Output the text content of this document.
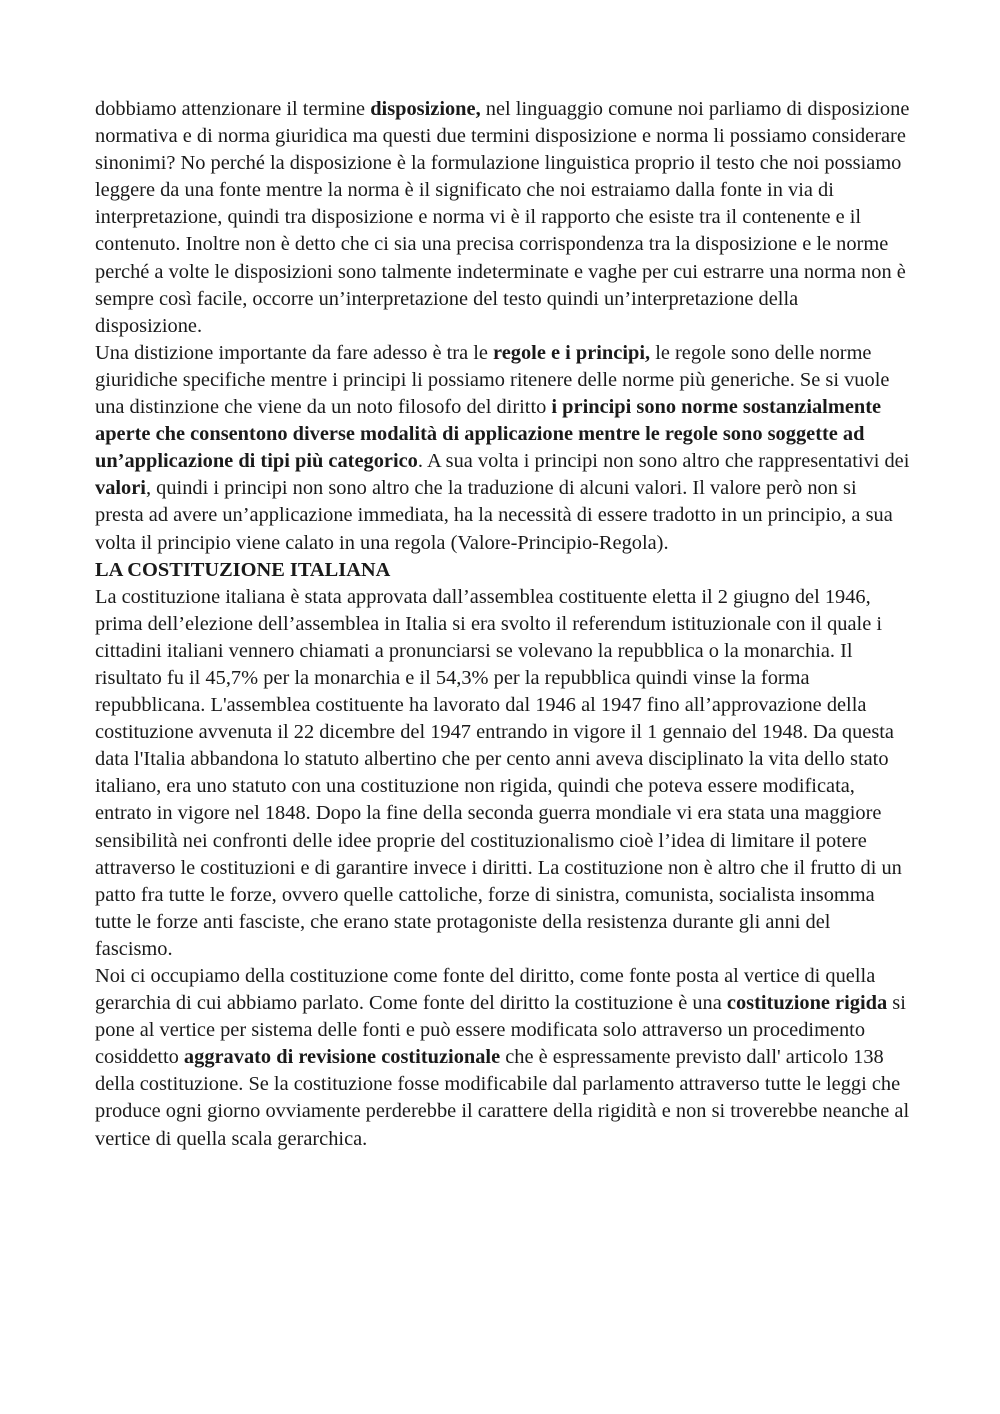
dobbiamo attenzionare il termine disposizione, nel linguaggio comune noi parliamo di disposizione normativa e di norma giuridica ma questi due termini disposizione e norma li possiamo considerare sinonimi? No perché la disposizione è la formulazione linguistica proprio il testo che noi possiamo leggere da una fonte mentre la norma è il significato che noi estraiamo dalla fonte in via di interpretazione, quindi tra disposizione e norma vi è il rapporto che esiste tra il contenente e il contenuto. Inoltre non è detto che ci sia una precisa corrispondenza tra la disposizione e le norme perché a volte le disposizioni sono talmente indeterminate e vaghe per cui estrarre una norma non è sempre così facile, occorre un’interpretazione del testo quindi un’interpretazione della disposizione.

Una distizione importante da fare adesso è tra le regole e i principi, le regole sono delle norme giuridiche specifiche mentre i principi li possiamo ritenere delle norme più generiche. Se si vuole una distinzione che viene da un noto filosofo del diritto i principi sono norme sostanzialmente aperte che consentono diverse modalità di applicazione mentre le regole sono soggette ad un’applicazione di tipi più categorico. A sua volta i principi non sono altro che rappresentativi dei valori, quindi i principi non sono altro che la traduzione di alcuni valori. Il valore però non si presta ad avere un’applicazione immediata, ha la necessità di essere tradotto in un principio, a sua volta il principio viene calato in una regola (Valore-Principio-Regola).

LA COSTITUZIONE ITALIANA

La costituzione italiana è stata approvata dall’assemblea costituente eletta il 2 giugno del 1946, prima dell’elezione dell’assemblea in Italia si era svolto il referendum istituzionale con il quale i cittadini italiani vennero chiamati a pronunciarsi se volevano la repubblica o la monarchia. Il risultato fu il 45,7% per la monarchia e il 54,3% per la repubblica quindi vinse la forma repubblicana. L'assemblea costituente ha lavorato dal 1946 al 1947 fino all’approvazione della costituzione avvenuta il 22 dicembre del 1947 entrando in vigore il 1 gennaio del 1948. Da questa data l'Italia abbandona lo statuto albertino che per cento anni aveva disciplinato la vita dello stato italiano, era uno statuto con una costituzione non rigida, quindi che poteva essere modificata, entrato in vigore nel 1848. Dopo la fine della seconda guerra mondiale vi era stata una maggiore sensibilità nei confronti delle idee proprie del costituzionalismo cioè l’idea di limitare il potere attraverso le costituzioni e di garantire invece i diritti. La costituzione non è altro che il frutto di un patto fra tutte le forze, ovvero quelle cattoliche, forze di sinistra, comunista, socialista insomma tutte le forze anti fasciste, che erano state protagoniste della resistenza durante gli anni del fascismo.

Noi ci occupiamo della costituzione come fonte del diritto, come fonte posta al vertice di quella gerarchia di cui abbiamo parlato. Come fonte del diritto la costituzione è una costituzione rigida si pone al vertice per sistema delle fonti e può essere modificata solo attraverso un procedimento cosiddetto aggravato di revisione costituzionale che è espressamente previsto dall' articolo 138 della costituzione. Se la costituzione fosse modificabile dal parlamento attraverso tutte le leggi che produce ogni giorno ovviamente perderebbe il carattere della rigidità e non si troverebbe neanche al vertice di quella scala gerarchica.
